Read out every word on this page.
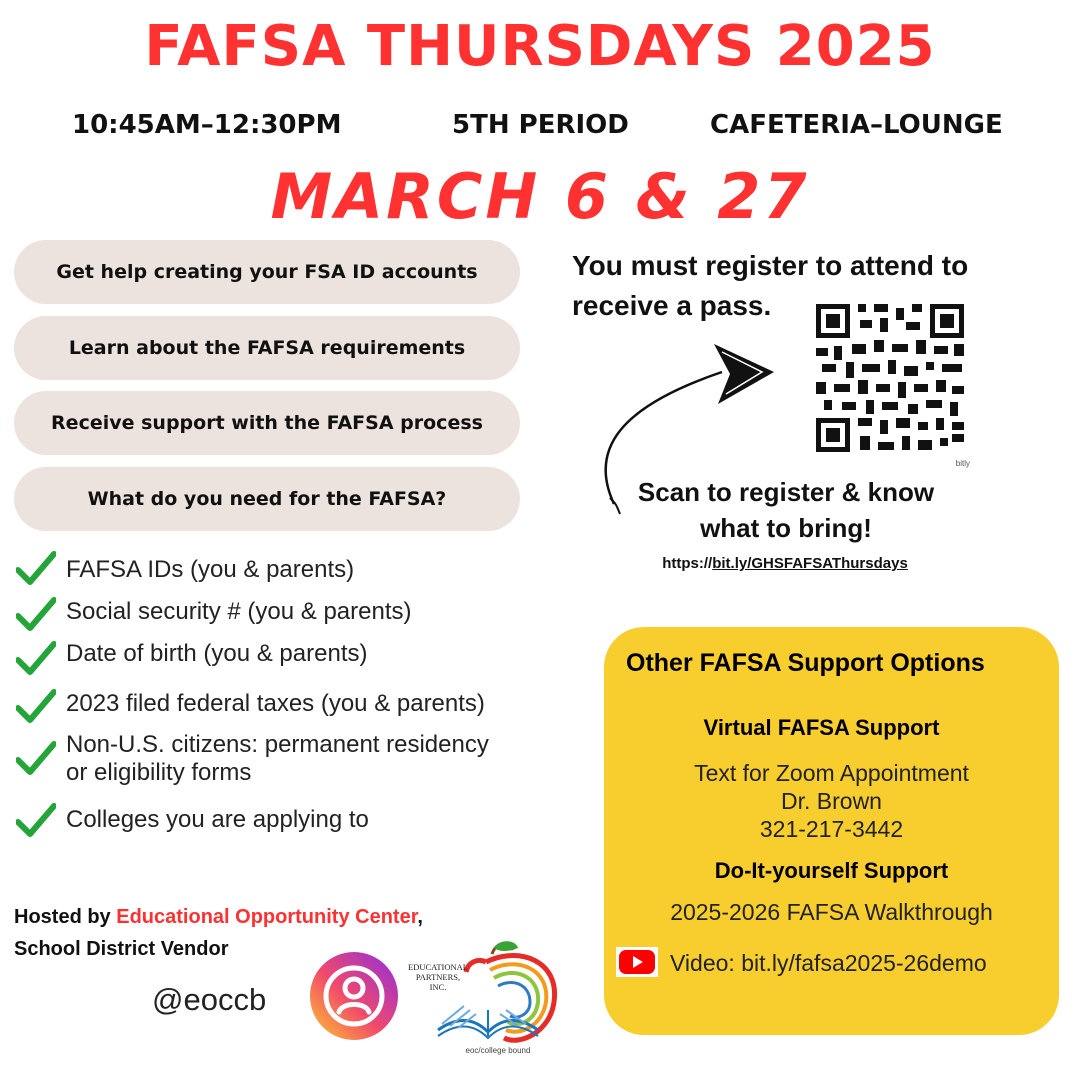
FAFSA THURSDAYS 2025
10:45AM–12:30PM	5TH PERIOD	CAFETERIA–LOUNGE
MARCH 6 & 27
Get help creating your FSA ID accounts
Learn about the FAFSA requirements
Receive support with the FAFSA process
What do you need for the FAFSA?
FAFSA IDs (you & parents)
Social security # (you & parents)
Date of birth (you & parents)
2023 filed federal taxes (you & parents)
Non-U.S. citizens: permanent residency
or eligibility forms
Colleges you are applying to
You must register to attend to
receive a pass.
bitly
Scan to register & know
what to bring!
https://bit.ly/GHSFAFSAThursdays
Other FAFSA Support Options
Virtual FAFSA Support
Text for Zoom Appointment
Dr. Brown
321-217-3442
Do-It-yourself Support
2025-2026 FAFSA Walkthrough
Video: bit.ly/fafsa2025-26demo
Hosted by Educational Opportunity Center,
School District Vendor
@eoccb
EDUCATIONAL
PARTNERS,
INC.
eoc/college bound
